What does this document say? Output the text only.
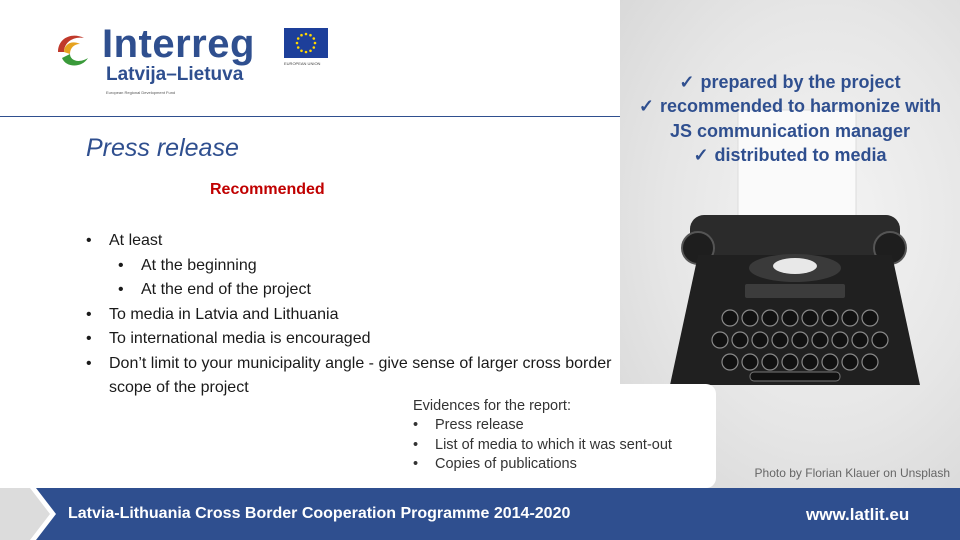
Interreg
Latvija–Lietuva
European Regional Development Fund
EUROPEAN UNION
Press release
Recommended
• At least
• At the beginning
• At the end of the project
• To media in Latvia and Lithuania
• To international media is encouraged
• Don’t limit to your municipality angle - give sense of larger cross border scope of the project
✓ prepared by the project
✓ recommended to harmonize with JS communication manager
✓ distributed to media
Evidences for the report:
• Press release
• List of media to which it was sent-out
• Copies of publications
Photo by Florian Klauer on Unsplash
Latvia-Lithuania Cross Border Cooperation Programme 2014-2020	www.latlit.eu
